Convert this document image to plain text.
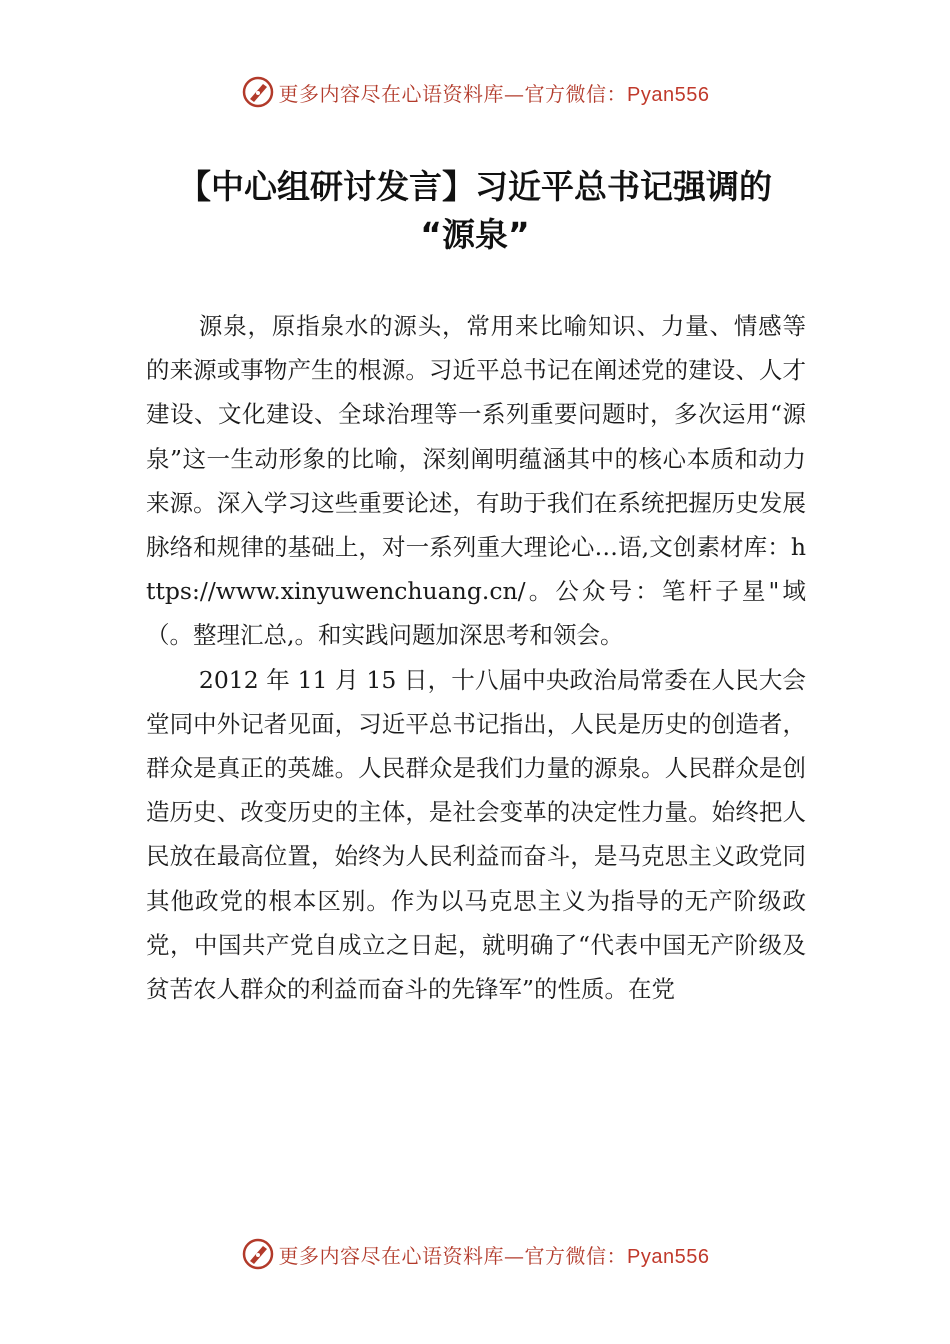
更多内容尽在心语资料库—官方微信：Pyan556
【中心组研讨发言】习近平总书记强调的
“源泉”

源泉，原指泉水的源头，常用来比喻知识、力量、情感等的来源或事物产生的根源。习近平总书记在阐述党的建设、人才建设、文化建设、全球治理等一系列重要问题时，多次运用“源泉”这一生动形象的比喻，深刻阐明蕴涵其中的核心本质和动力来源。深入学习这些重要论述，有助于我们在系统把握历史发展脉络和规律的基础上，对一系列重大理论心…语,文创素材库：https://www.xinyuwenchuang.cn/。公众号：笔杆子星"域（。整理汇总,。和实践问题加深思考和领会。

2012 年 11 月 15 日，十八届中央政治局常委在人民大会堂同中外记者见面，习近平总书记指出，人民是历史的创造者，群众是真正的英雄。人民群众是我们力量的源泉。人民群众是创造历史、改变历史的主体，是社会变革的决定性力量。始终把人民放在最高位置，始终为人民利益而奋斗，是马克思主义政党同其他政党的根本区别。作为以马克思主义为指导的无产阶级政党，中国共产党自成立之日起，就明确了“代表中国无产阶级及贫苦农人群众的利益而奋斗的先锋军”的性质。在党

更多内容尽在心语资料库—官方微信：Pyan556
